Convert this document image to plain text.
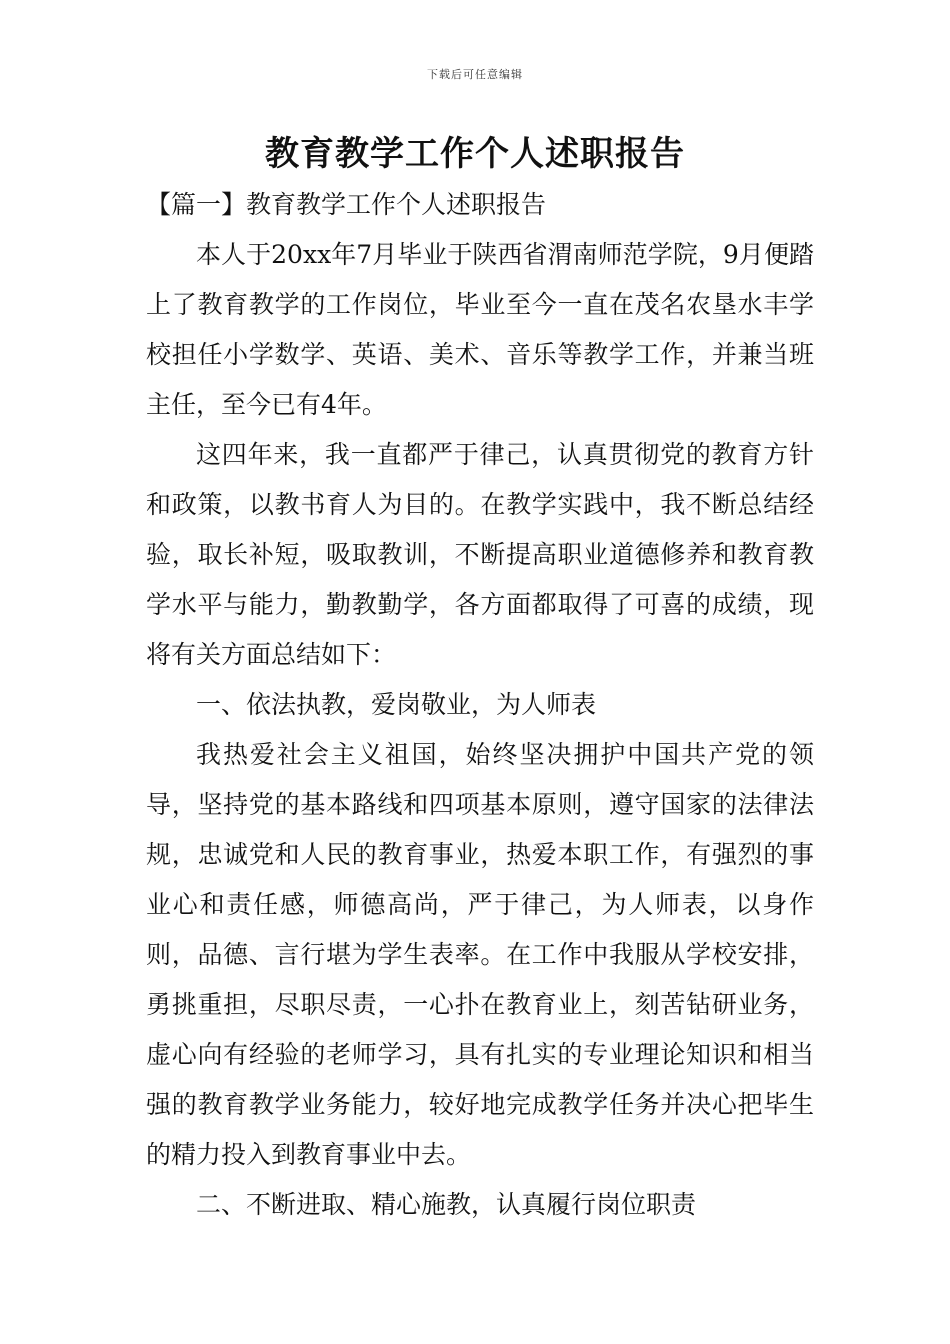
下载后可任意编辑
教育教学工作个人述职报告

【篇一】教育教学工作个人述职报告

本人于20xx年7月毕业于陕西省渭南师范学院，9月便踏上了教育教学的工作岗位，毕业至今一直在茂名农垦水丰学校担任小学数学、英语、美术、音乐等教学工作，并兼当班主任，至今已有4年。

这四年来，我一直都严于律己，认真贯彻党的教育方针和政策，以教书育人为目的。在教学实践中，我不断总结经验，取长补短，吸取教训，不断提高职业道德修养和教育教学水平与能力，勤教勤学，各方面都取得了可喜的成绩，现将有关方面总结如下：

一、依法执教，爱岗敬业，为人师表

我热爱社会主义祖国，始终坚决拥护中国共产党的领导，坚持党的基本路线和四项基本原则，遵守国家的法律法规，忠诚党和人民的教育事业，热爱本职工作，有强烈的事业心和责任感，师德高尚，严于律己，为人师表，以身作则，品德、言行堪为学生表率。在工作中我服从学校安排，勇挑重担，尽职尽责，一心扑在教育业上，刻苦钻研业务，虚心向有经验的老师学习，具有扎实的专业理论知识和相当强的教育教学业务能力，较好地完成教学任务并决心把毕生的精力投入到教育事业中去。

二、不断进取、精心施教，认真履行岗位职责
